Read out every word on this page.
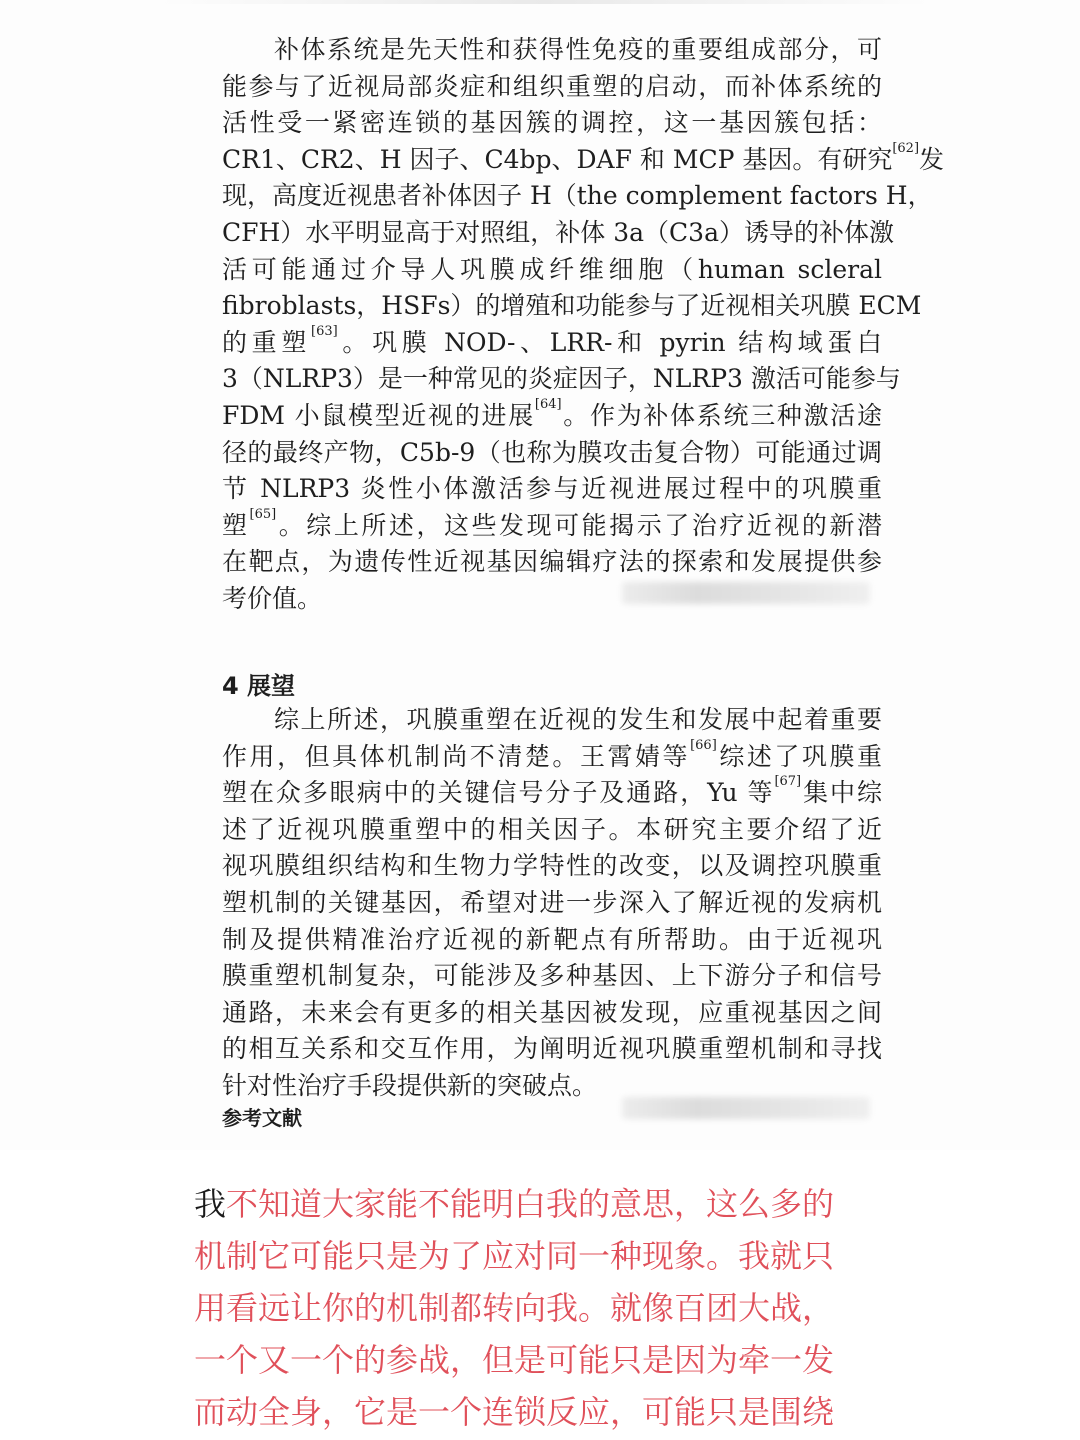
补体系统是先天性和获得性免疫的重要组成部分，可
能参与了近视局部炎症和组织重塑的启动，而补体系统的
活性受一紧密连锁的基因簇的调控，这一基因簇包括：
CR1、CR2、H 因子、C4bp、DAF 和 MCP 基因。有研究[62]发
现，高度近视患者补体因子 H（the complement factors H，
CFH）水平明显高于对照组，补体 3a（C3a）诱导的补体激
活可能通过介导人巩膜成纤维细胞（human scleral
fibroblasts，HSFs）的增殖和功能参与了近视相关巩膜 ECM
的重塑[63]。巩膜 NOD-、LRR-和 pyrin 结构域蛋白
3（NLRP3）是一种常见的炎症因子，NLRP3 激活可能参与
FDM 小鼠模型近视的进展[64]。作为补体系统三种激活途
径的最终产物，C5b-9（也称为膜攻击复合物）可能通过调
节 NLRP3 炎性小体激活参与近视进展过程中的巩膜重
塑[65]。综上所述，这些发现可能揭示了治疗近视的新潜
在靶点，为遗传性近视基因编辑疗法的探索和发展提供参
考价值。
4 展望
综上所述，巩膜重塑在近视的发生和发展中起着重要
作用，但具体机制尚不清楚。王霄婧等[66]综述了巩膜重
塑在众多眼病中的关键信号分子及通路，Yu 等[67]集中综
述了近视巩膜重塑中的相关因子。本研究主要介绍了近
视巩膜组织结构和生物力学特性的改变，以及调控巩膜重
塑机制的关键基因，希望对进一步深入了解近视的发病机
制及提供精准治疗近视的新靶点有所帮助。由于近视巩
膜重塑机制复杂，可能涉及多种基因、上下游分子和信号
通路，未来会有更多的相关基因被发现，应重视基因之间
的相互关系和交互作用，为阐明近视巩膜重塑机制和寻找
针对性治疗手段提供新的突破点。
参考文献
我不知道大家能不能明白我的意思，这么多的
机制它可能只是为了应对同一种现象。我就只
用看远让你的机制都转向我。就像百团大战，
一个又一个的参战，但是可能只是因为牵一发
而动全身，它是一个连锁反应，可能只是围绕
